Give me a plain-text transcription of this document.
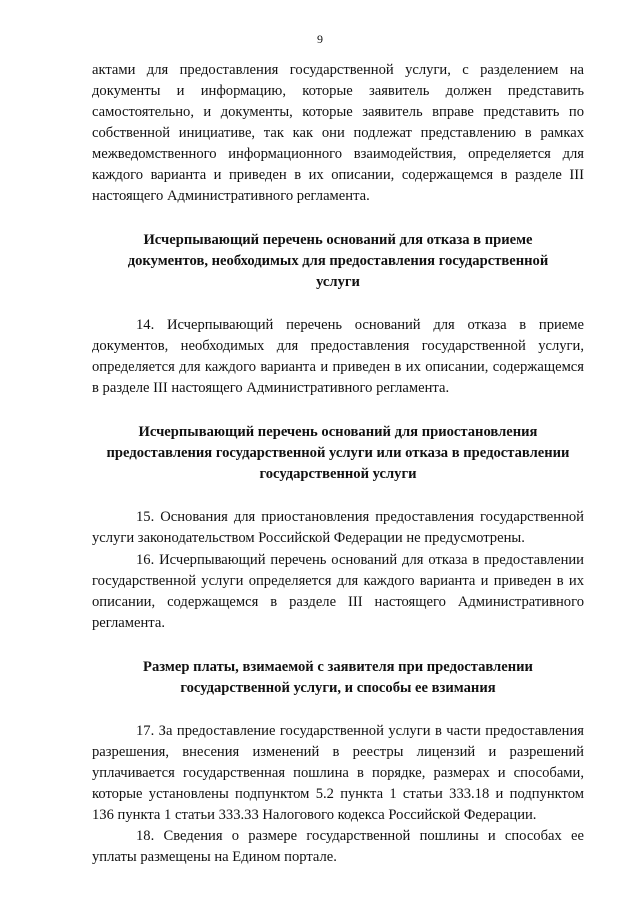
9

актами для предоставления государственной услуги, с разделением на документы и информацию, которые заявитель должен представить самостоятельно, и документы, которые заявитель вправе представить по собственной инициативе, так как они подлежат представлению в рамках межведомственного информационного взаимодействия, определяется для каждого варианта и приведен в их описании, содержащемся в разделе III настоящего Административного регламента.

Исчерпывающий перечень оснований для отказа в приеме документов, необходимых для предоставления государственной услуги

14. Исчерпывающий перечень оснований для отказа в приеме документов, необходимых для предоставления государственной услуги, определяется для каждого варианта и приведен в их описании, содержащемся в разделе III настоящего Административного регламента.

Исчерпывающий перечень оснований для приостановления предоставления государственной услуги или отказа в предоставлении государственной услуги

15. Основания для приостановления предоставления государственной услуги законодательством Российской Федерации не предусмотрены.

16. Исчерпывающий перечень оснований для отказа в предоставлении государственной услуги определяется для каждого варианта и приведен в их описании, содержащемся в разделе III настоящего Административного регламента.

Размер платы, взимаемой с заявителя при предоставлении государственной услуги, и способы ее взимания

17. За предоставление государственной услуги в части предоставления разрешения, внесения изменений в реестры лицензий и разрешений уплачивается государственная пошлина в порядке, размерах и способами, которые установлены подпунктом 5.2 пункта 1 статьи 333.18 и подпунктом 136 пункта 1 статьи 333.33 Налогового кодекса Российской Федерации.

18. Сведения о размере государственной пошлины и способах ее уплаты размещены на Едином портале.
